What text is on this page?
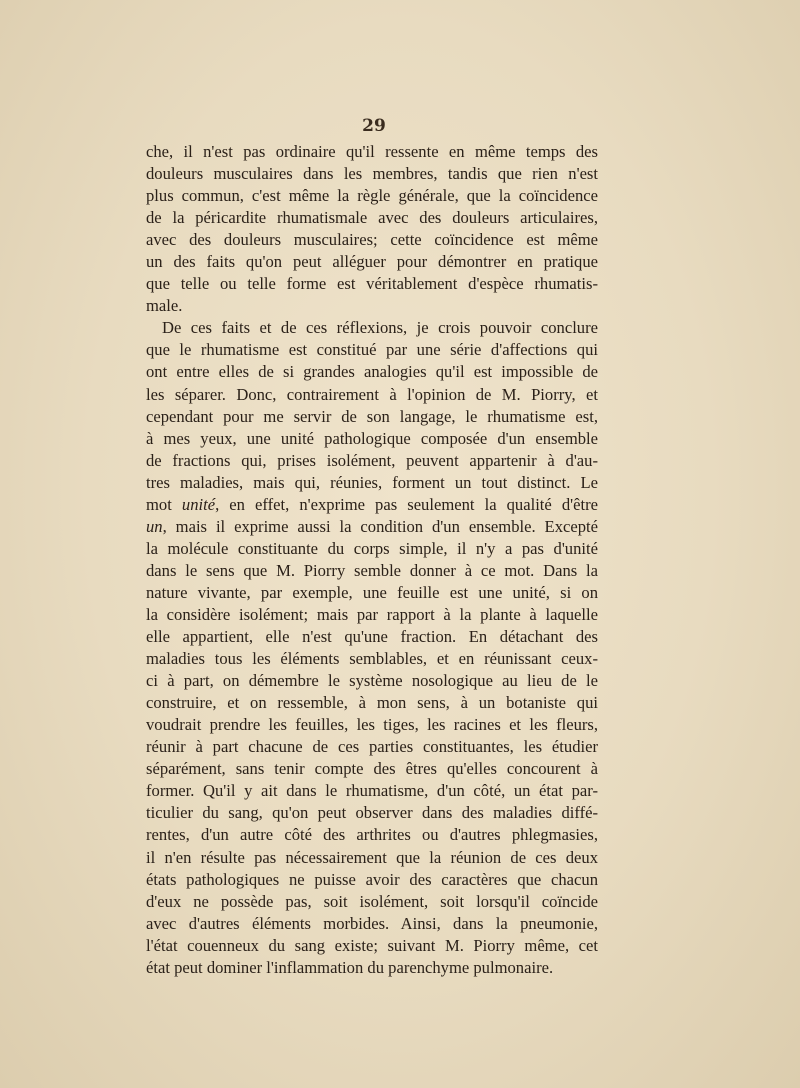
29
che, il n'est pas ordinaire qu'il ressente en même temps des
douleurs musculaires dans les membres, tandis que rien n'est
plus commun, c'est même la règle générale, que la coïncidence
de la péricardite rhumatismale avec des douleurs articulaires,
avec des douleurs musculaires; cette coïncidence est même
un des faits qu'on peut alléguer pour démontrer en pratique
que telle ou telle forme est véritablement d'espèce rhumatis-
male.
De ces faits et de ces réflexions, je crois pouvoir conclure
que le rhumatisme est constitué par une série d'affections qui
ont entre elles de si grandes analogies qu'il est impossible de
les séparer. Donc, contrairement à l'opinion de M. Piorry, et
cependant pour me servir de son langage, le rhumatisme est,
à mes yeux, une unité pathologique composée d'un ensemble
de fractions qui, prises isolément, peuvent appartenir à d'au-
tres maladies, mais qui, réunies, forment un tout distinct. Le
mot unité, en effet, n'exprime pas seulement la qualité d'être
un, mais il exprime aussi la condition d'un ensemble. Excepté
la molécule constituante du corps simple, il n'y a pas d'unité
dans le sens que M. Piorry semble donner à ce mot. Dans la
nature vivante, par exemple, une feuille est une unité, si on
la considère isolément; mais par rapport à la plante à laquelle
elle appartient, elle n'est qu'une fraction. En détachant des
maladies tous les éléments semblables, et en réunissant ceux-
ci à part, on démembre le système nosologique au lieu de le
construire, et on ressemble, à mon sens, à un botaniste qui
voudrait prendre les feuilles, les tiges, les racines et les fleurs,
réunir à part chacune de ces parties constituantes, les étudier
séparément, sans tenir compte des êtres qu'elles concourent à
former. Qu'il y ait dans le rhumatisme, d'un côté, un état par-
ticulier du sang, qu'on peut observer dans des maladies diffé-
rentes, d'un autre côté des arthrites ou d'autres phlegmasies,
il n'en résulte pas nécessairement que la réunion de ces deux
états pathologiques ne puisse avoir des caractères que chacun
d'eux ne possède pas, soit isolément, soit lorsqu'il coïncide
avec d'autres éléments morbides. Ainsi, dans la pneumonie,
l'état couenneux du sang existe; suivant M. Piorry même, cet
état peut dominer l'inflammation du parenchyme pulmonaire.
